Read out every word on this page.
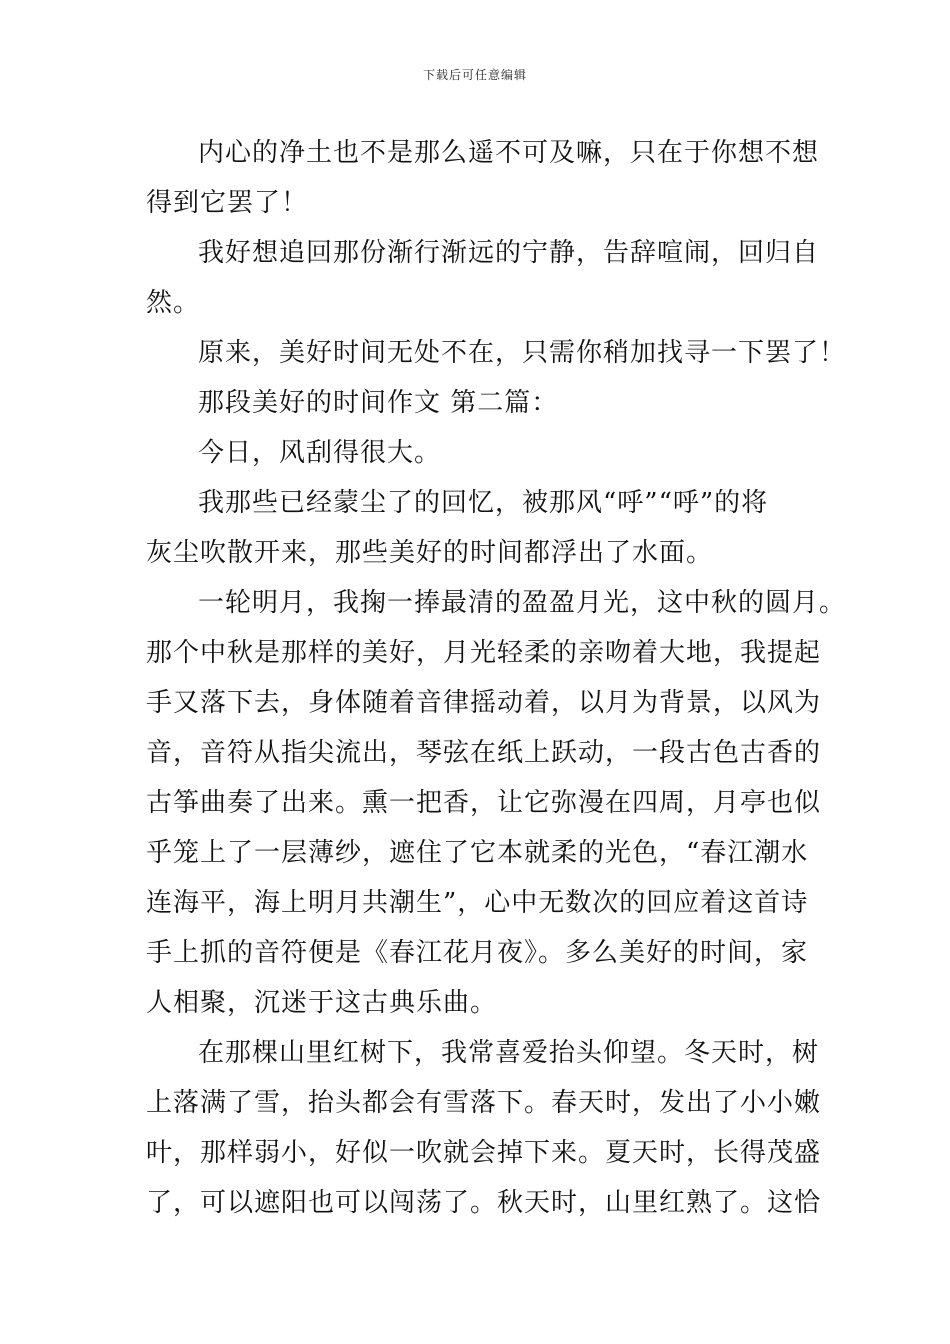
下载后可任意编辑
内心的净土也不是那么遥不可及嘛，只在于你想不想
得到它罢了！
我好想追回那份渐行渐远的宁静，告辞喧闹，回归自
然。
原来，美好时间无处不在，只需你稍加找寻一下罢了！
那段美好的时间作文 第二篇：
今日，风刮得很大。
我那些已经蒙尘了的回忆，被那风“呼”“呼”的将
灰尘吹散开来，那些美好的时间都浮出了水面。
一轮明月，我掬一捧最清的盈盈月光，这中秋的圆月。
那个中秋是那样的美好，月光轻柔的亲吻着大地，我提起
手又落下去，身体随着音律摇动着，以月为背景，以风为
音，音符从指尖流出，琴弦在纸上跃动，一段古色古香的
古筝曲奏了出来。熏一把香，让它弥漫在四周，月亭也似
乎笼上了一层薄纱，遮住了它本就柔的光色，“春江潮水
连海平，海上明月共潮生”，心中无数次的回应着这首诗
手上抓的音符便是《春江花月夜》。多么美好的时间，家
人相聚，沉迷于这古典乐曲。
在那棵山里红树下，我常喜爱抬头仰望。冬天时，树
上落满了雪，抬头都会有雪落下。春天时，发出了小小嫩
叶，那样弱小，好似一吹就会掉下来。夏天时，长得茂盛
了，可以遮阳也可以闯荡了。秋天时，山里红熟了。这恰
